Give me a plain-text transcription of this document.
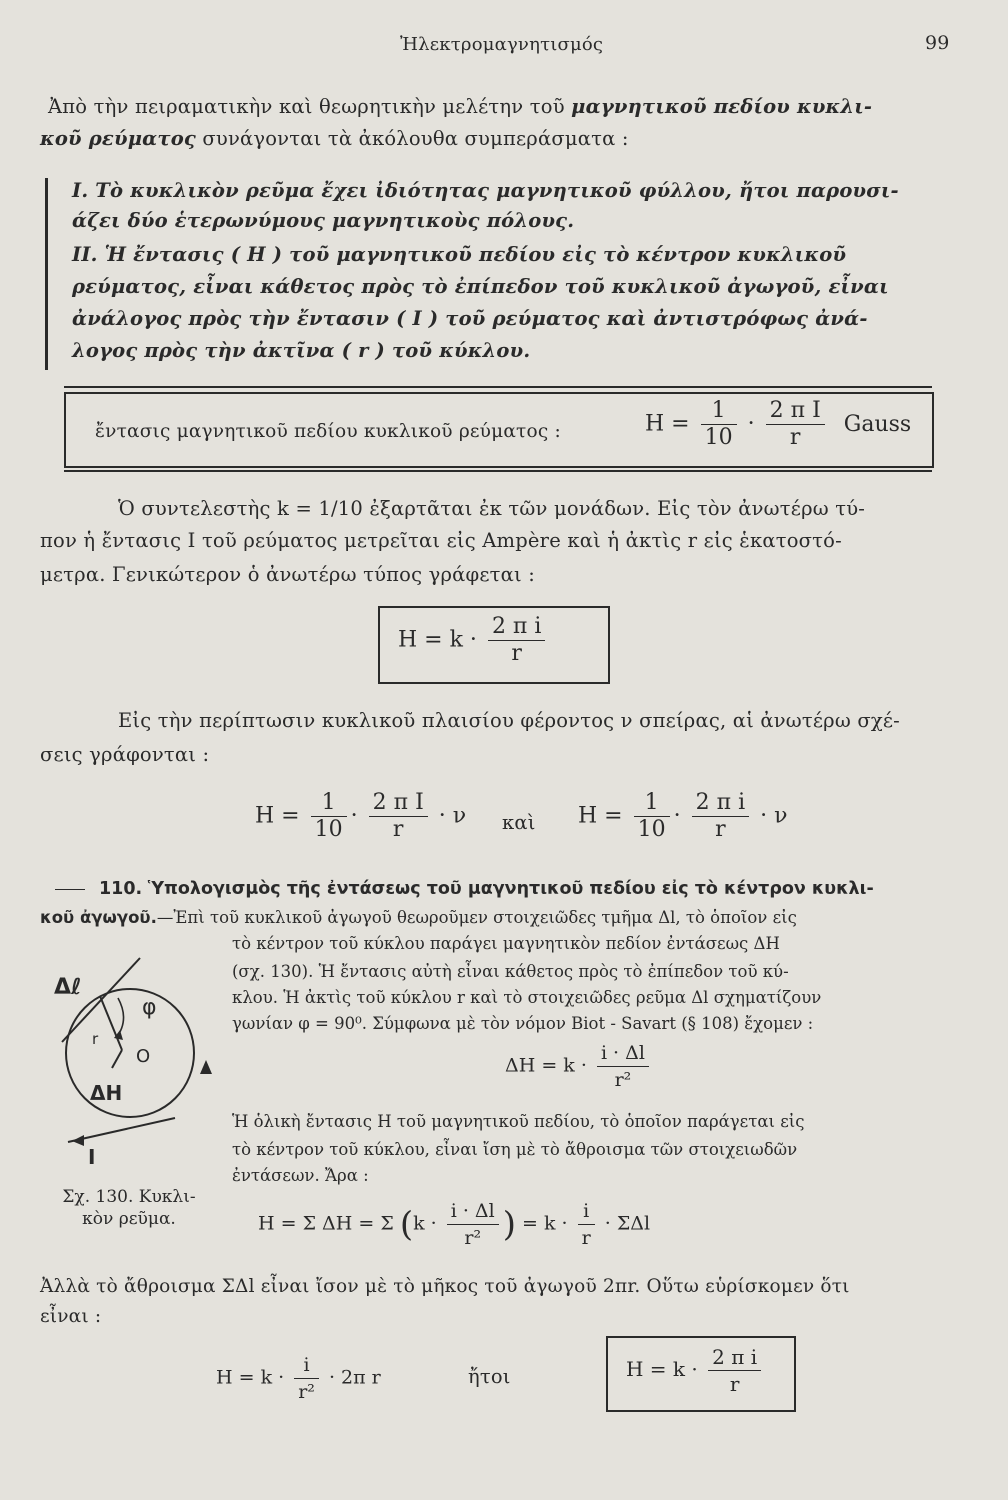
Ἠλεκτρομαγνητισμός	99
Ἀπὸ τὴν πειραματικὴν καὶ θεωρητικὴν μελέτην τοῦ μαγνητικοῦ πεδίου κυκλι-
κοῦ ρεύματος συνάγονται τὰ ἀκόλουθα συμπεράσματα :
I. Τὸ κυκλικὸν ρεῦμα ἔχει ἰδιότητας μαγνητικοῦ φύλλου, ἤτοι παρουσι-
άζει δύο ἑτερωνύμους μαγνητικοὺς πόλους.
II. Ἡ ἔντασις ( Η ) τοῦ μαγνητικοῦ πεδίου εἰς τὸ κέντρον κυκλικοῦ
ρεύματος, εἶναι κάθετος πρὸς τὸ ἐπίπεδον τοῦ κυκλικοῦ ἀγωγοῦ, εἶναι
ἀνάλογος πρὸς τὴν ἔντασιν ( I ) τοῦ ρεύματος καὶ ἀντιστρόφως ἀνά-
λογος πρὸς τὴν ἀκτῖνα ( r ) τοῦ κύκλου.
ἔντασις μαγνητικοῦ πεδίου κυκλικοῦ ρεύματος :	$H = \frac{1}{10} \cdot \frac{\text{2 π I}}{r}$ Gauss
Ὁ συντελεστὴς k = 1/10 ἐξαρτᾶται ἐκ τῶν μονάδων. Εἰς τὸν ἀνωτέρω τύ-
πον ἡ ἔντασις I τοῦ ρεύματος μετρεῖται εἰς Ampère καὶ ἡ ἀκτὶς r εἰς ἑκατοστό-
μετρα. Γενικώτερον ὁ ἀνωτέρω τύπος γράφεται :
$H = k \cdot \frac{\text{2 π i}}{r}$
Εἰς τὴν περίπτωσιν κυκλικοῦ πλαισίου φέροντος ν σπείρας, αἱ ἀνωτέρω σχέ-
σεις γράφονται :
$H = \frac{1}{10} \cdot \frac{\text{2 π I}}{r} \cdot \nu$ καὶ $H = \frac{1}{10} \cdot \frac{\text{2 π i}}{r} \cdot \nu$
110. Ὑπολογισμὸς τῆς ἐντάσεως τοῦ μαγνητικοῦ πεδίου εἰς τὸ κέντρον κυκλι-
κοῦ ἀγωγοῦ.—Ἐπὶ τοῦ κυκλικοῦ ἀγωγοῦ θεωροῦμεν στοιχειῶδες τμῆμα Δl, τὸ ὁποῖον εἰς
τὸ κέντρον τοῦ κύκλου παράγει μαγνητικὸν πεδίον ἐντάσεως ΔΗ
(σχ. 130). Ἡ ἔντασις αὐτὴ εἶναι κάθετος πρὸς τὸ ἐπίπεδον τοῦ κύ-
κλου. Ἡ ἀκτὶς τοῦ κύκλου r καὶ τὸ στοιχειῶδες ρεῦμα Δl σχηματίζουν
γωνίαν φ = 90⁰. Σύμφωνα μὲ τὸν νόμον Biot - Savart (§ 108) ἔχομεν :
$\Delta H = k \cdot \frac{i \cdot \Delta l}{\text{r²}}$
Ἡ ὁλικὴ ἔντασις Η τοῦ μαγνητικοῦ πεδίου, τὸ ὁποῖον παράγεται εἰς
τὸ κέντρον τοῦ κύκλου, εἶναι ἴση μὲ τὸ ἄθροισμα τῶν στοιχειωδῶν
ἐντάσεων. Ἄρα :
Η = Σ ΔΗ = Σ ($k \cdot \frac{i \cdot \Delta l}{\text{r²}}$ ) = $k \cdot \frac{i}{r} \cdot \Sigma\Delta l$
Δℓ
φ
r
O
ΔΗ
I
Σχ. 130. Κυκλι-
κὸν ρεῦμα.
Ἀλλὰ τὸ ἄθροισμα ΣΔl εἶναι ἴσον μὲ τὸ μῆκος τοῦ ἀγωγοῦ 2πr. Οὕτω εὑρίσκομεν ὅτι
εἶναι :
$H = k \cdot \frac{i}{\text{r²}} \cdot 2\pi$ r	ἤτοι	$H = k \cdot \frac{\text{2 π i}}{r}$
